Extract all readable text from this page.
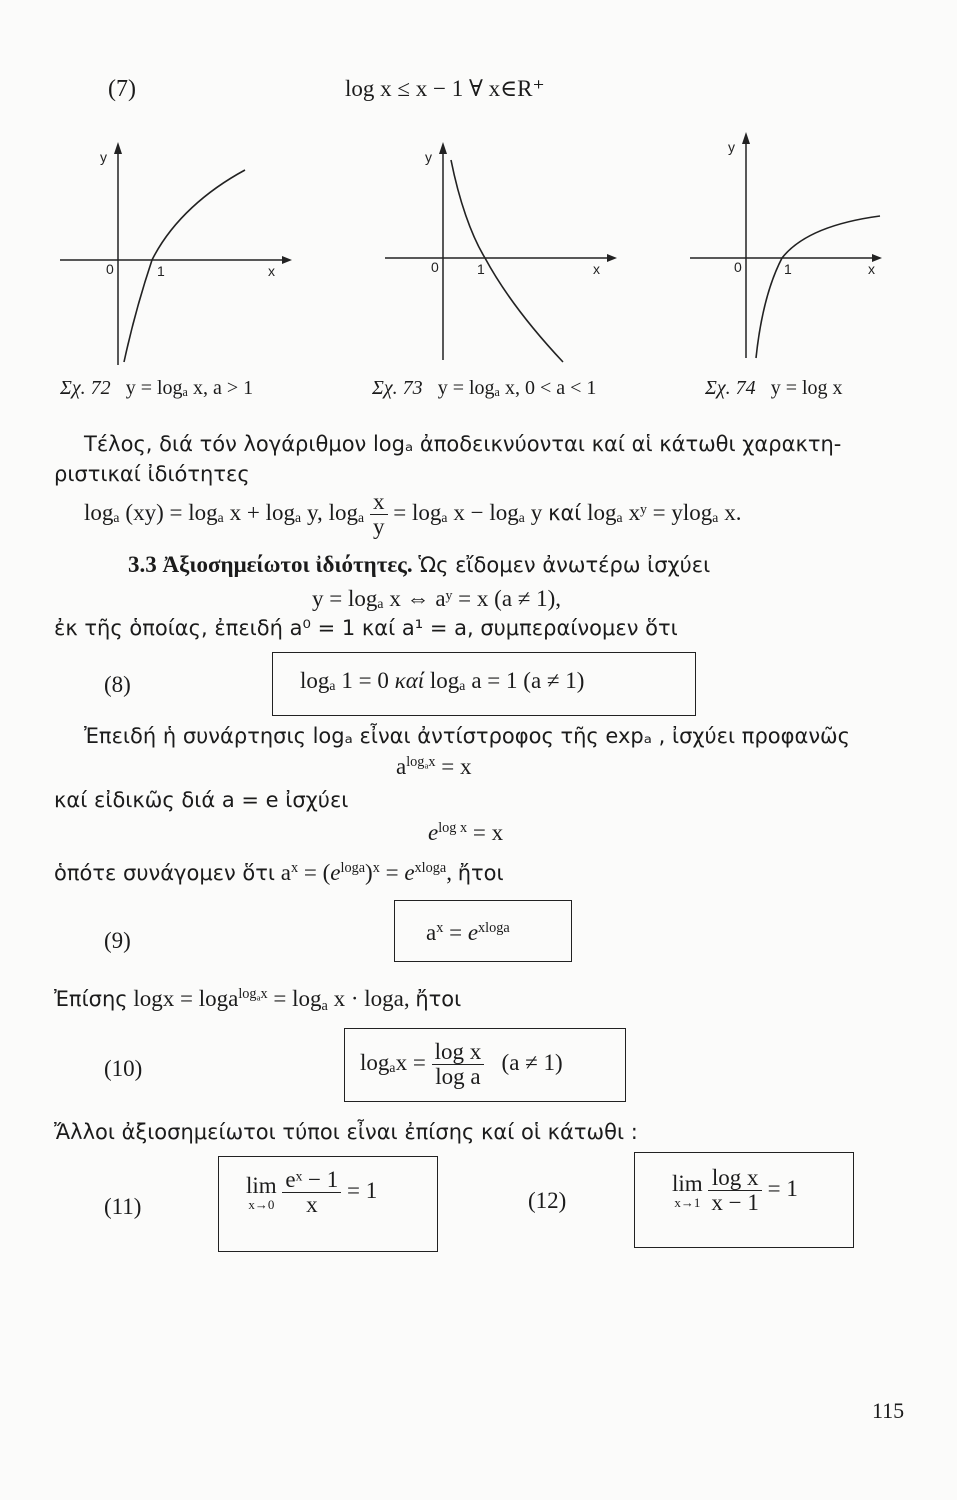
(7)	log x ≤ x − 1 ∀ x∈R⁺
y
x
0	1
y
x
0	1
y
x
0	1
Σχ. 72 y = logₐ x, a > 1	Σχ. 73 y = logₐ x, 0 < a < 1	Σχ. 74 y = log x
Τέλος, διά τόν λογάριθμον logₐ ἀποδεικνύονται καί αἱ κάτωθι χαρακτη-
ριστικαί ἰδιότητες
logₐ (xy) = logₐ x + logₐ y, logₐ $\frac{x}{y} = \log_a$ x − logₐ y καί logₐ xʸ = ylogₐ x.
3.3 Ἀξιοσημείωτοι ἰδιότητες. Ὡς εἴδομεν ἀνωτέρω ἰσχύει
y = logₐ x ⇔ aʸ = x (a ≠ 1),
ἐκ τῆς ὁποίας, ἐπειδή a⁰ = 1 καί a¹ = a, συμπεραίνομεν ὅτι
(8)	logₐ 1 = 0 καί logₐ a = 1 (a ≠ 1)
Ἐπειδή ἡ συνάρτησις logₐ εἶναι ἀντίστροφος τῆς expₐ , ἰσχύει προφανῶς
$a^{log_ax} = x$
καί εἰδικῶς διά a = e ἰσχύει
$e^{log x} = x$
ὁπότε συνάγομεν ὅτι $a^x = (e^{loga})^x = e^{xloga}$, ἤτοι
(9)	$a^x = e^{xloga}$
Ἐπίσης $\log x = \log a^{log_ax} = \log_a x \cdot \log a$, ἤτοι
(10)	$\log_ax = \frac{\text{log x}}{\text{log a}} (a \ne 1)$
Ἄλλοι ἀξιοσημείωτοι τύποι εἶναι ἐπίσης καί οἱ κάτωθι :
(11)
lim
x→0
$\frac{\text{eˣ − 1}}{x} = 1$	(12)
lim
x→1
$\frac{\text{log x}}{x - 1} = 1$
115
